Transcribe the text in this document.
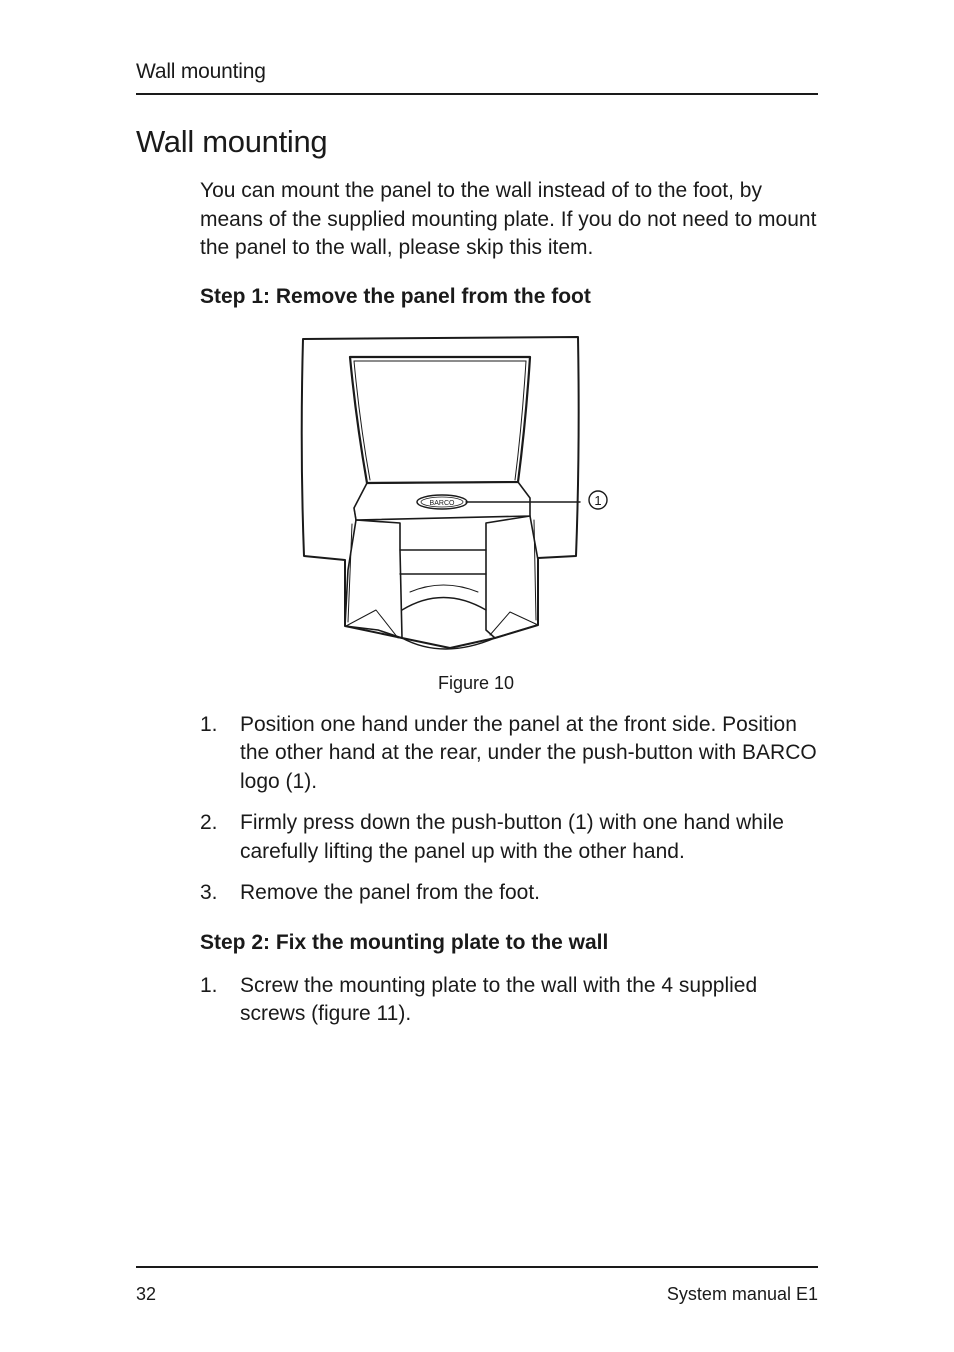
Wall mounting
Wall mounting

You can mount the panel to the wall instead of to the foot, by means of the supplied mounting plate. If you do not need to mount the panel to the wall, please skip this item.

Step 1: Remove the panel from the foot
BARCO	1
Figure 10
1.	Position one hand under the panel at the front side. Position the other hand at the rear, under the push-button with BARCO logo (1).
2.	Firmly press down the push-button (1) with one hand while carefully lifting the panel up with the other hand.
3.	Remove the panel from the foot.
Step 2: Fix the mounting plate to the wall
1.	Screw the mounting plate to the wall with the 4 supplied screws (figure 11).
32	System manual E1
